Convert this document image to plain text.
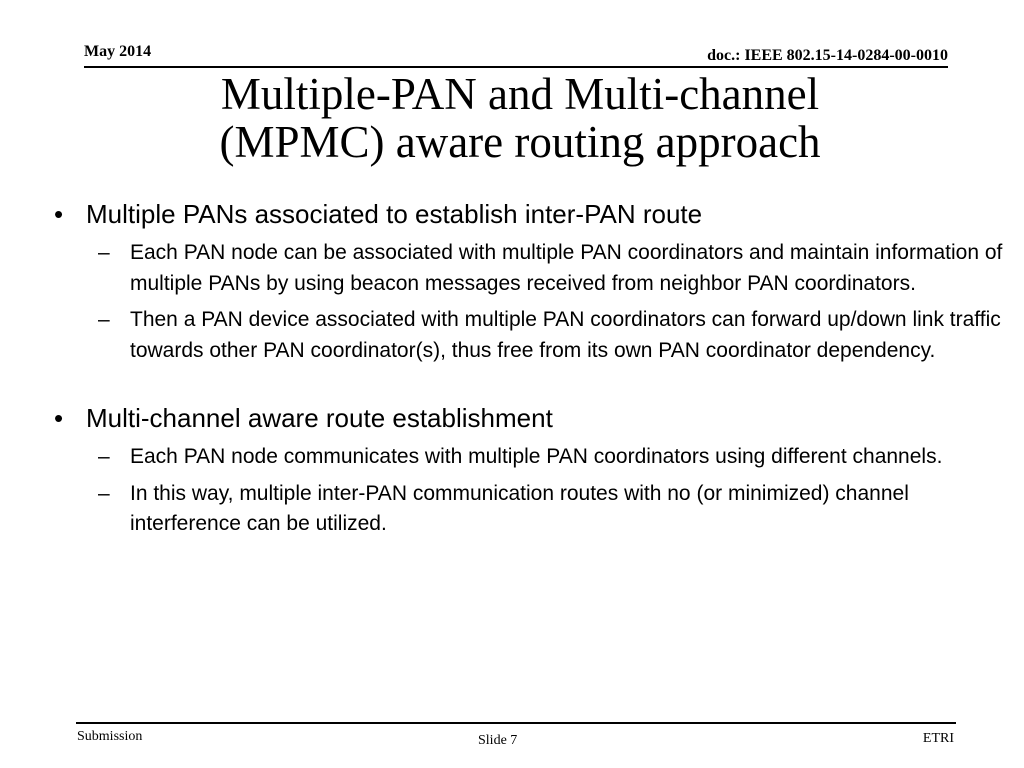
May 2014	doc.: IEEE 802.15-14-0284-00-0010
Multiple-PAN and Multi-channel
(MPMC) aware routing approach
• Multiple PANs associated to establish inter-PAN route
– Each PAN node can be associated with multiple PAN coordinators and maintain information of multiple PANs by using beacon messages received from neighbor PAN coordinators.
– Then a PAN device associated with multiple PAN coordinators can forward up/down link traffic towards other PAN coordinator(s), thus free from its own PAN coordinator dependency.
• Multi-channel aware route establishment
– Each PAN node communicates with multiple PAN coordinators using different channels.
– In this way, multiple inter-PAN communication routes with no (or minimized) channel interference can be utilized.
Submission	Slide 7	ETRI
